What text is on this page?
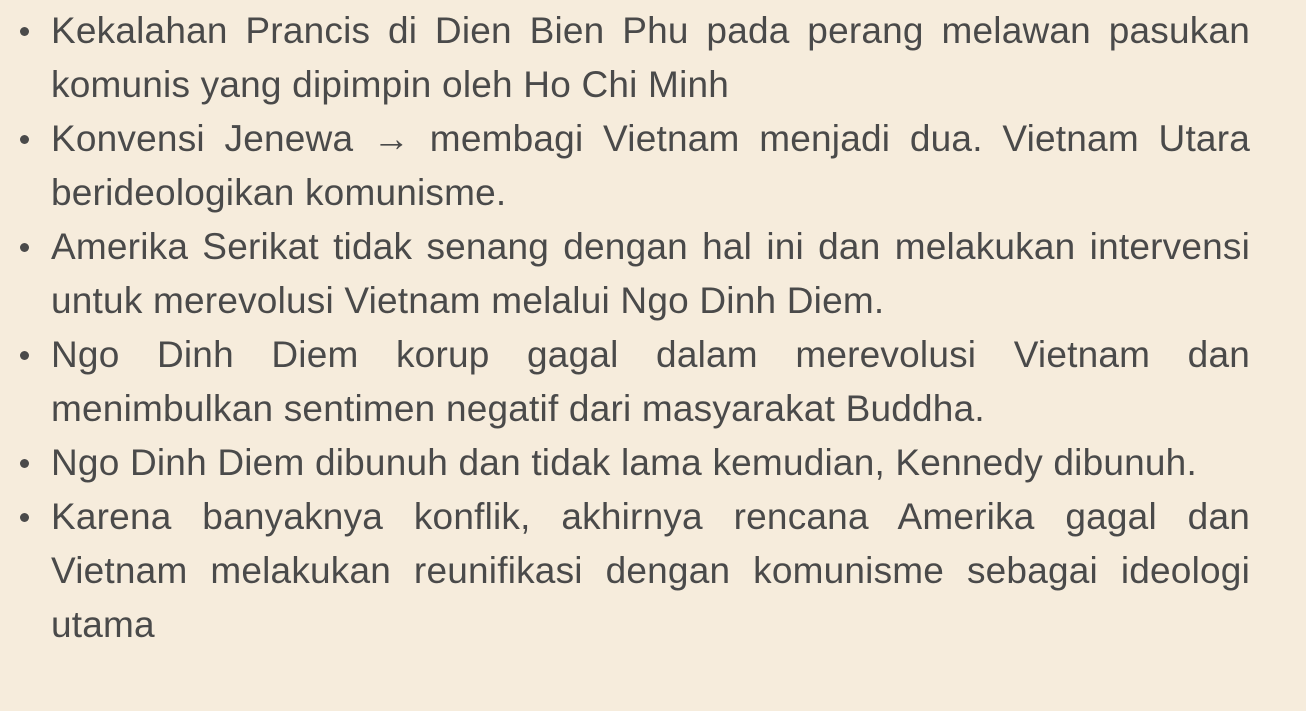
Kekalahan Prancis di Dien Bien Phu pada perang melawan pasukan komunis yang dipimpin oleh Ho Chi Minh
Konvensi Jenewa → membagi Vietnam menjadi dua. Vietnam Utara berideologikan komunisme.
Amerika Serikat tidak senang dengan hal ini dan melakukan intervensi untuk merevolusi Vietnam melalui Ngo Dinh Diem.
Ngo Dinh Diem korup gagal dalam merevolusi Vietnam dan menimbulkan sentimen negatif dari masyarakat Buddha.
Ngo Dinh Diem dibunuh dan tidak lama kemudian, Kennedy dibunuh.
Karena banyaknya konflik, akhirnya rencana Amerika gagal dan Vietnam melakukan reunifikasi dengan komunisme sebagai ideologi utama
